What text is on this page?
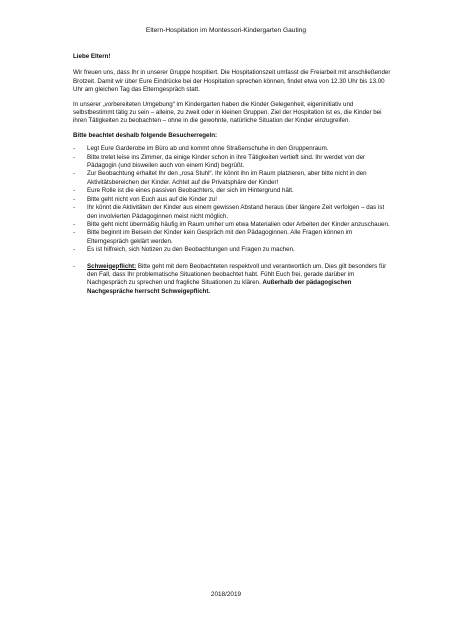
Eltern-Hospitation im Montessori-Kindergarten Gauting

Liebe Eltern!

Wir freuen uns, dass Ihr in unserer Gruppe hospitiert. Die Hospitationszeit umfasst die Freiarbeit mit anschließender Brotzeit. Damit wir über Eure Eindrücke bei der Hospitation sprechen können, findet etwa von 12.30 Uhr bis 13.00 Uhr am gleichen Tag das Elterngespräch statt.

In unserer „vorbereiteten Umgebung“ im Kindergarten haben die Kinder Gelegenheit, eigeninitiativ und selbstbestimmt tätig zu sein – alleine, zu zweit oder in kleinen Gruppen. Ziel der Hospitation ist es, die Kinder bei ihren Tätigkeiten zu beobachten – ohne in die gewohnte, natürliche Situation der Kinder einzugreifen.

Bitte beachtet deshalb folgende Besucherregeln:

- Legt Eure Garderobe im Büro ab und kommt ohne Straßenschuhe in den Gruppenraum.
- Bitte tretet leise ins Zimmer, da einige Kinder schon in ihre Tätigkeiten vertieft sind. Ihr werdet von der Pädagogin (und bisweilen auch von einem Kind) begrüßt.
- Zur Beobachtung erhaltet Ihr den „rosa Stuhl“. Ihr könnt ihn im Raum platzieren, aber bitte nicht in den Aktivitätsbereichen der Kinder. Achtet auf die Privatsphäre der Kinder!
- Eure Rolle ist die eines passiven Beobachters, der sich im Hintergrund hält.
- Bitte geht nicht von Euch aus auf die Kinder zu!
- Ihr könnt die Aktivitäten der Kinder aus einem gewissen Abstand heraus über längere Zeit verfolgen – das ist den involvierten Pädagoginnen meist nicht möglich.
- Bitte geht nicht übermäßig häufig im Raum umher um etwa Materialien oder Arbeiten der Kinder anzuschauen.
- Bitte beginnt im Beisein der Kinder kein Gespräch mit den Pädagoginnen. Alle Fragen können im Elterngespräch geklärt werden.
- Es ist hilfreich, sich Notizen zu den Beobachtungen und Fragen zu machen.
- Schweigepflicht: Bitte geht mit dem Beobachteten respektvoll und verantwortlich um. Dies gilt besonders für den Fall, dass Ihr problematische Situationen beobachtet habt. Fühlt Euch frei, gerade darüber im Nachgespräch zu sprechen und fragliche Situationen zu klären. Außerhalb der pädagogischen Nachgespräche herrscht Schweigepflicht.
2018/2019
